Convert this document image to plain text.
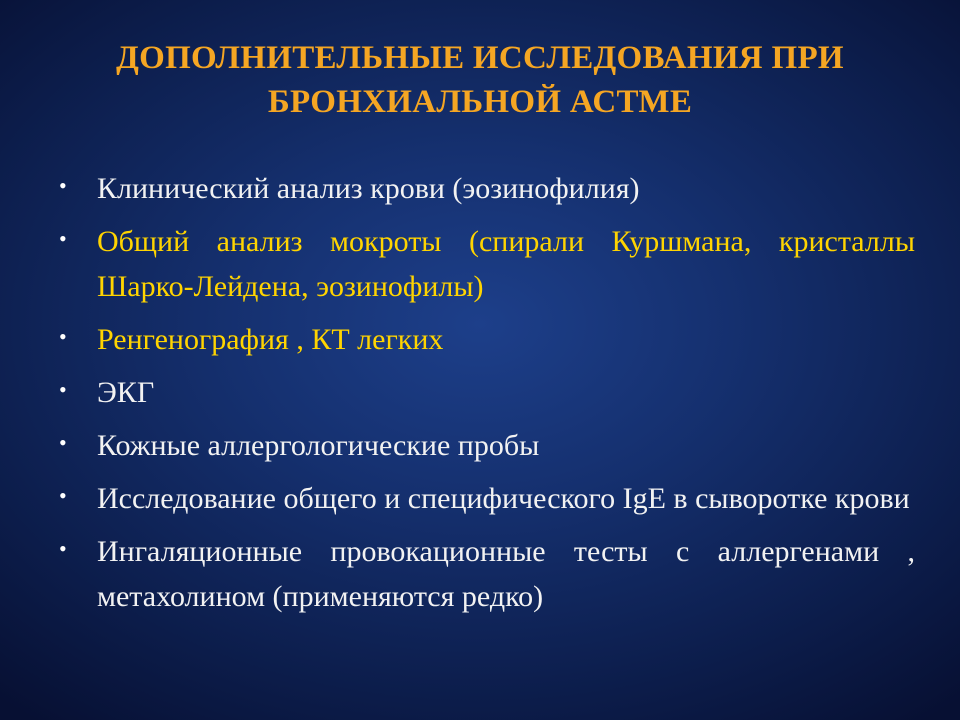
ДОПОЛНИТЕЛЬНЫЕ ИССЛЕДОВАНИЯ ПРИ
БРОНХИАЛЬНОЙ АСТМЕ
• Клинический анализ крови (эозинофилия)
• Общий анализ мокроты (спирали Куршмана, кристаллы Шарко-Лейдена, эозинофилы)
• Ренгенография , КТ легких
• ЭКГ
• Кожные аллергологические пробы
• Исследование общего и специфического IgE в сыворотке крови
• Ингаляционные провокационные тесты с аллергенами , метахолином (применяются редко)
